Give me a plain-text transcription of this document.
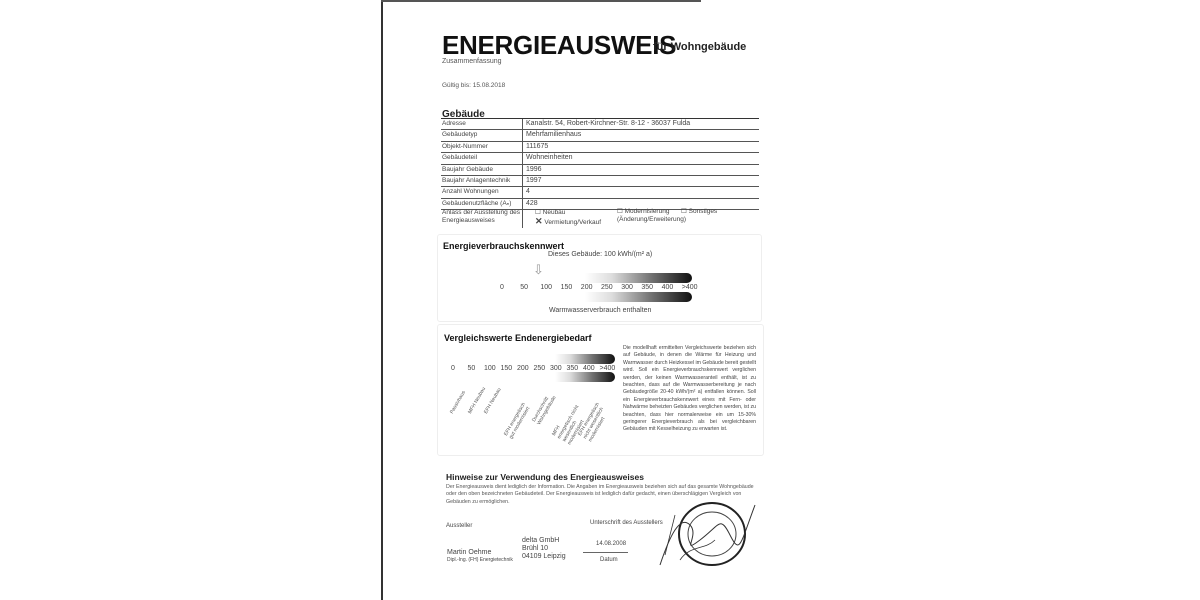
ENERGIEAUSWEIS
für Wohngebäude
Zusammenfassung
Gültig bis: 15.08.2018
Gebäude
Adresse	Kanalstr. 54, Robert-Kirchner-Str. 8-12 - 36037 Fulda
Gebäudetyp	Mehrfamilienhaus
Objekt-Nummer	111675
Gebäudeteil	Wohneinheiten
Baujahr Gebäude	1996
Baujahr Anlagentechnik	1997
Anzahl Wohnungen	4
Gebäudenutzfläche (Aₙ)	428
Anlass der Ausstellung des Energieausweises
☐ Neubau
✕ Vermietung/Verkauf
☐ Modernisierung (Änderung/Erweiterung)
☐ Sonstiges
Energieverbrauchskennwert
Dieses Gebäude: 100 kWh/(m² a)
⇩
0 50 100 150 200 250 300 350 400 >400
Warmwasserverbrauch enthalten
Vergleichswerte Endenergiebedarf
0 50 100 150 200 250 300 350 400 >400
Passivhaus MFH Neubau
EFH Neubau
EFH energetisch gut modernisiert Durchschnitt Wohngebäude
MFH energetisch nicht wesentlich modernisiert
EFH energetisch nicht wesentlich modernisiert
Die modellhaft ermittelten Vergleichswerte beziehen sich auf Gebäude, in denen die Wärme für Heizung und Warmwasser durch Heizkessel im Gebäude bereit gestellt wird. Soll ein Energieverbrauchskennwert verglichen werden, der keinen Warmwasseranteil enthält, ist zu beachten, dass auf die Warmwasserbereitung je nach Gebäudegröße 20-40 kWh/(m² a) entfallen können. Soll ein Energieverbrauchskennwert eines mit Fern- oder Nahwärme beheizten Gebäudes verglichen werden, ist zu beachten, dass hier normalerweise ein um 15-30% geringerer Energieverbrauch als bei vergleichbaren Gebäuden mit Kesselheizung zu erwarten ist.
Hinweise zur Verwendung des Energieausweises
Der Energieausweis dient lediglich der Information. Die Angaben im Energieausweis beziehen sich auf das gesamte Wohngebäude oder den oben bezeichneten Gebäudeteil. Der Energieausweis ist lediglich dafür gedacht, einen überschlägigen Vergleich von Gebäuden zu ermöglichen.
Aussteller
Martin Oehme
Dipl.-Ing. (FH) Energietechnik
delta GmbH
Brühl 10
04109 Leipzig
Unterschrift des Ausstellers
14.08.2008
Datum
